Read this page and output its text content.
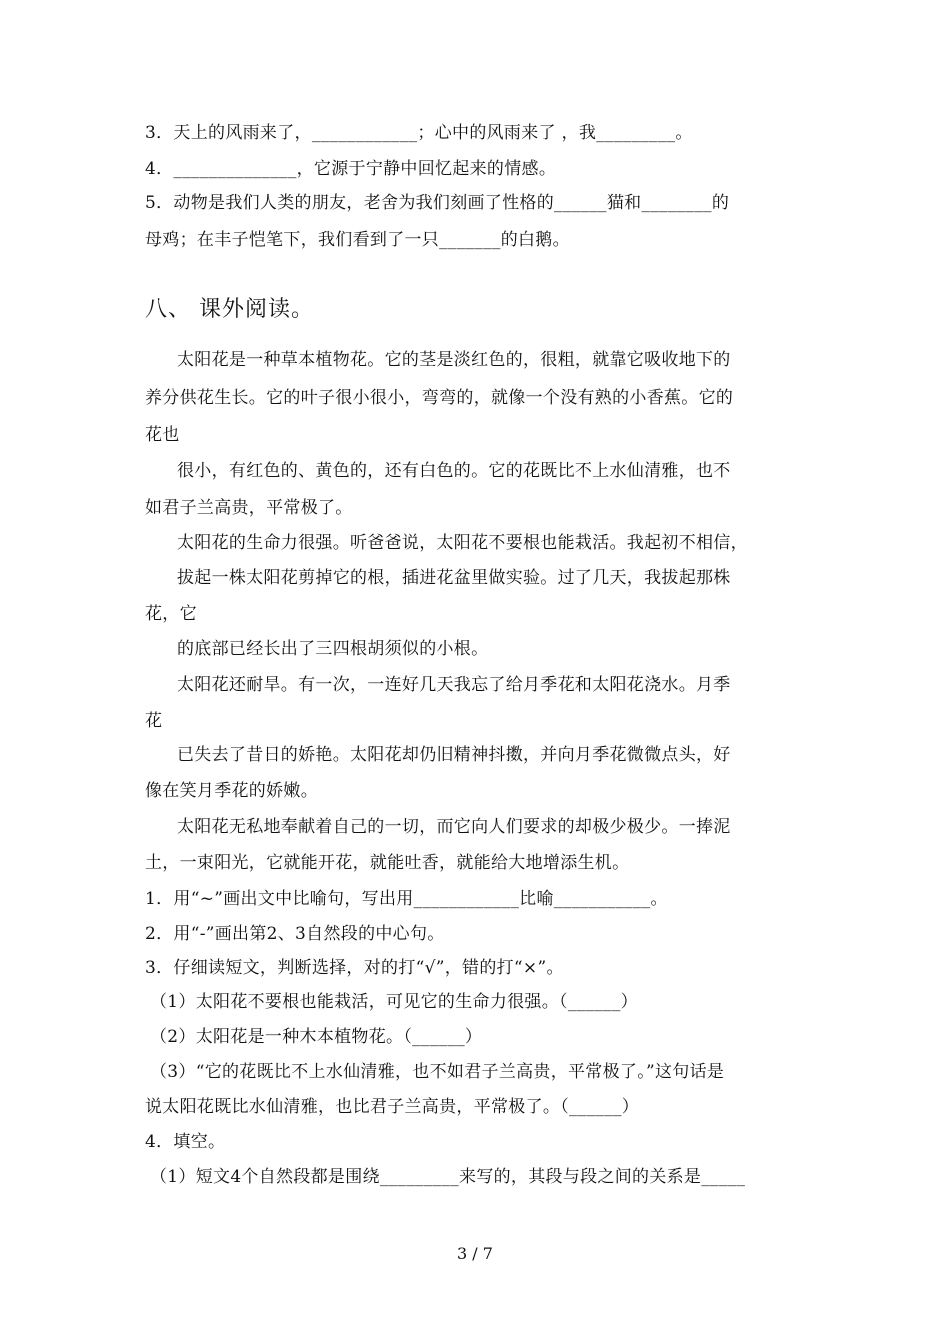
3．天上的风雨来了，____________；心中的风雨来了 ，我_________。
4．______________，它源于宁静中回忆起来的情感。
5．动物是我们人类的朋友，老舍为我们刻画了性格的______猫和________的
母鸡；在丰子恺笔下，我们看到了一只_______的白鹅。
八、 课外阅读。
太阳花是一种草本植物花。它的茎是淡红色的，很粗，就靠它吸收地下的
养分供花生长。它的叶子很小很小，弯弯的，就像一个没有熟的小香蕉。它的
花也
很小，有红色的、黄色的，还有白色的。它的花既比不上水仙清雅，也不
如君子兰高贵，平常极了。
太阳花的生命力很强。听爸爸说，太阳花不要根也能栽活。我起初不相信，
拔起一株太阳花剪掉它的根，插进花盆里做实验。过了几天，我拔起那株
花，它
的底部已经长出了三四根胡须似的小根。
太阳花还耐旱。有一次，一连好几天我忘了给月季花和太阳花浇水。月季
花
已失去了昔日的娇艳。太阳花却仍旧精神抖擞，并向月季花微微点头，好
像在笑月季花的娇嫩。
太阳花无私地奉献着自己的一切，而它向人们要求的却极少极少。一捧泥
土，一束阳光，它就能开花，就能吐香，就能给大地增添生机。
1．用“~”画出文中比喻句，写出用____________比喻___________。
2．用“-”画出第2、3自然段的中心句。
3．仔细读短文，判断选择，对的打“√”，错的打“×”。
（1）太阳花不要根也能栽活，可见它的生命力很强。（______）
（2）太阳花是一种木本植物花。（______）
（3）“它的花既比不上水仙清雅，也不如君子兰高贵，平常极了。”这句话是
说太阳花既比水仙清雅，也比君子兰高贵，平常极了。（______）
4．填空。
（1）短文4个自然段都是围绕_________来写的，其段与段之间的关系是_____
3 / 7
